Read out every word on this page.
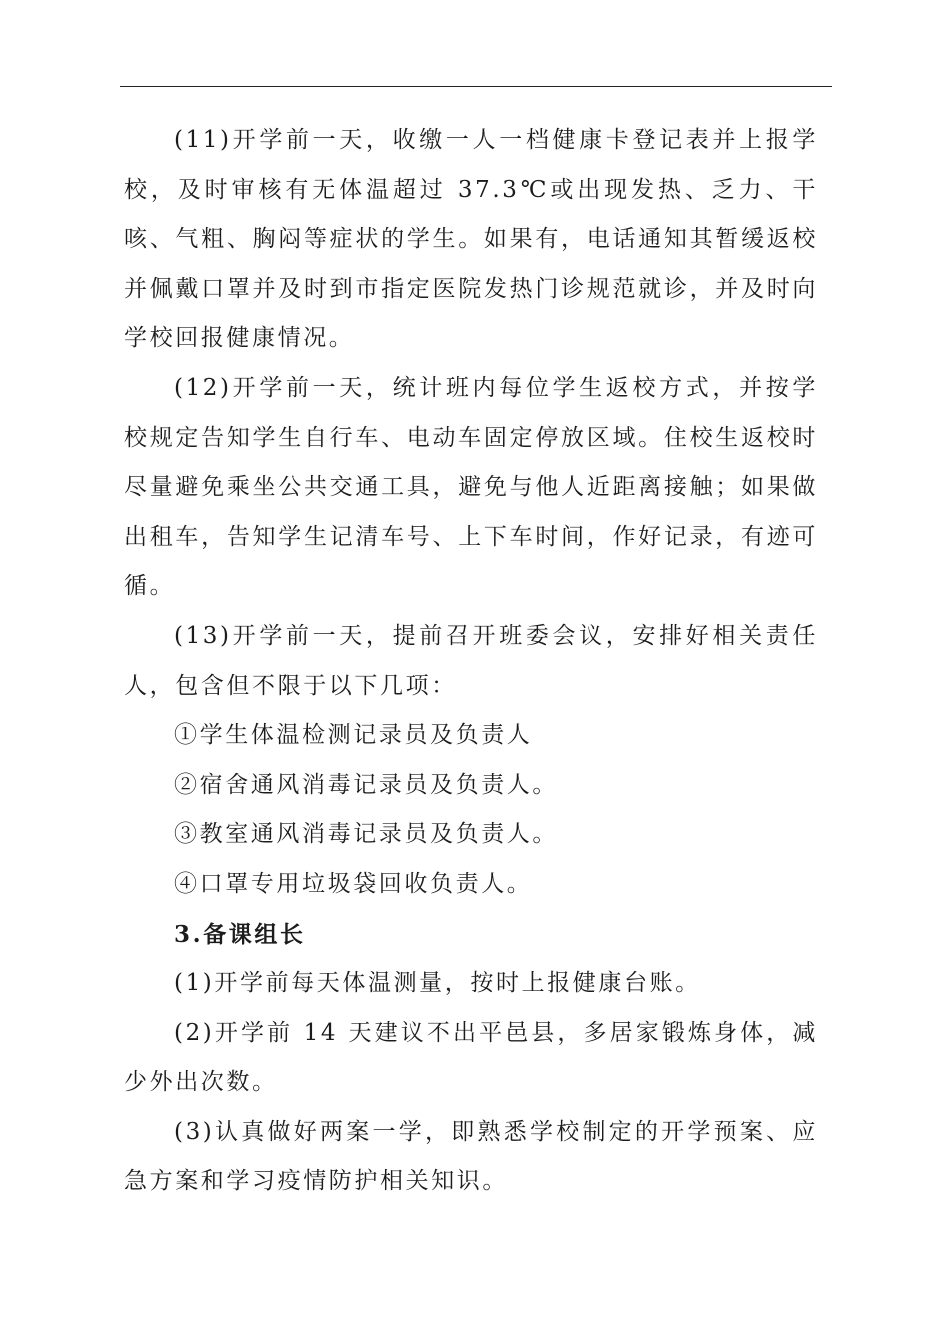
(11)开学前一天，收缴一人一档健康卡登记表并上报学校，及时审核有无体温超过 37.3℃或出现发热、乏力、干咳、气粗、胸闷等症状的学生。如果有，电话通知其暂缓返校并佩戴口罩并及时到市指定医院发热门诊规范就诊，并及时向学校回报健康情况。

(12)开学前一天，统计班内每位学生返校方式，并按学校规定告知学生自行车、电动车固定停放区域。住校生返校时尽量避免乘坐公共交通工具，避免与他人近距离接触；如果做出租车，告知学生记清车号、上下车时间，作好记录，有迹可循。

(13)开学前一天，提前召开班委会议，安排好相关责任人，包含但不限于以下几项：

①学生体温检测记录员及负责人

②宿舍通风消毒记录员及负责人。

③教室通风消毒记录员及负责人。

④口罩专用垃圾袋回收负责人。

3.备课组长

(1)开学前每天体温测量，按时上报健康台账。

(2)开学前 14 天建议不出平邑县，多居家锻炼身体，减少外出次数。

(3)认真做好两案一学，即熟悉学校制定的开学预案、应急方案和学习疫情防护相关知识。
